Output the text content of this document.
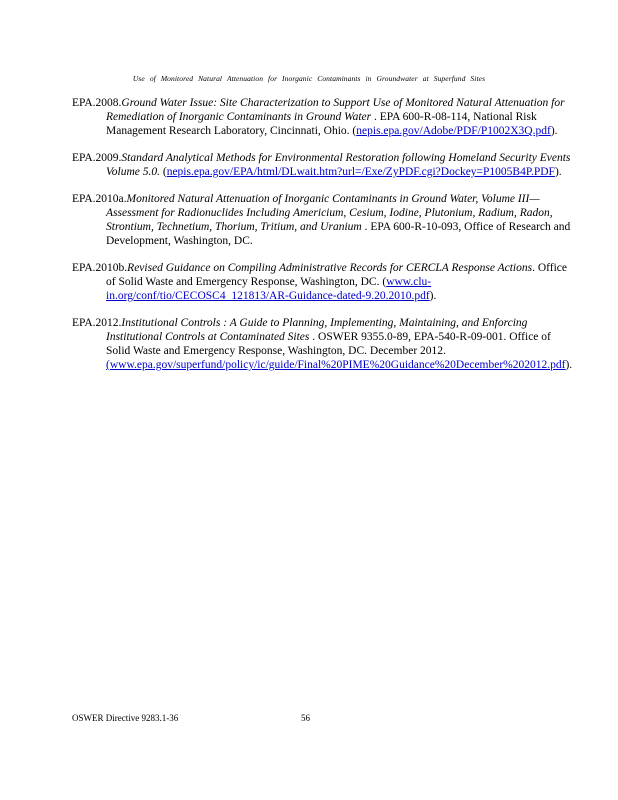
Use of Monitored Natural Attenuation for Inorganic Contaminants in Groundwater at Superfund Sites
EPA.2008.Ground Water Issue: Site Characterization to Support Use of Monitored Natural Attenuation for Remediation of Inorganic Contaminants in Ground Water . EPA 600-R-08-114, National Risk Management Research Laboratory, Cincinnati, Ohio. (nepis.epa.gov/Adobe/PDF/P1002X3Q.pdf).
EPA.2009.Standard Analytical Methods for Environmental Restoration following Homeland Security Events Volume 5.0. (nepis.epa.gov/EPA/html/DLwait.htm?url=/Exe/ZyPDF.cgi?Dockey=P1005B4P.PDF).
EPA.2010a.Monitored Natural Attenuation of Inorganic Contaminants in Ground Water, Volume III—Assessment for Radionuclides Including Americium, Cesium, Iodine, Plutonium, Radium, Radon, Strontium, Technetium, Thorium, Tritium, and Uranium . EPA 600-R-10-093, Office of Research and Development, Washington, DC.
EPA.2010b.Revised Guidance on Compiling Administrative Records for CERCLA Response Actions. Office of Solid Waste and Emergency Response, Washington, DC. (www.clu-in.org/conf/tio/CECOSC4_121813/AR-Guidance-dated-9.20.2010.pdf).
EPA.2012.Institutional Controls : A Guide to Planning, Implementing, Maintaining, and Enforcing Institutional Controls at Contaminated Sites . OSWER 9355.0-89, EPA-540-R-09-001. Office of Solid Waste and Emergency Response, Washington, DC. December 2012. (www.epa.gov/superfund/policy/ic/guide/Final%20PIME%20Guidance%20December%202012.pdf).
OSWER Directive 9283.1-36	56
